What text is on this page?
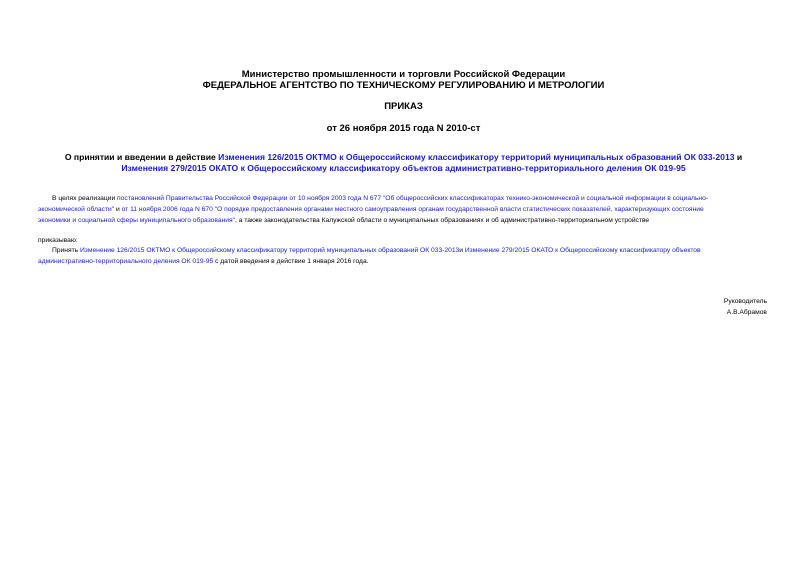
Министерство промышленности и торговли Российской Федерации
ФЕДЕРАЛЬНОЕ АГЕНТСТВО ПО ТЕХНИЧЕСКОМУ РЕГУЛИРОВАНИЮ И МЕТРОЛОГИИ
ПРИКАЗ
от 26 ноября 2015 года N 2010-ст
О принятии и введении в действие Изменения 126/2015 ОКТМО к Общероссийскому классификатору территорий муниципальных образований ОК 033-2013 и
Изменения 279/2015 ОКАТО к Общероссийскому классификатору объектов административно-территориального деления ОК 019-95
В целях реализации постановлений Правительства Российской Федерации от 10 ноября 2003 года N 677 "Об общероссийских классификаторах технико-экономической и социальной информации в социально-
экономической области" и от 11 ноября 2006 года N 670 "О порядке предоставления органами местного самоуправления органам государственной власти статистических показателей, характеризующих состояние
экономики и социальной сферы муниципального образования", а также законодательства Калужской области о муниципальных образованиях и об административно-территориальном устройстве
приказываю:
Принять Изменение 126/2015 ОКТМО к Общероссийскому классификатору территорий муниципальных образований ОК 033-2013и Изменение 279/2015 ОКАТО к Общероссийскому классификатору объектов
административно-территориального деления ОК 019-95 с датой введения в действие 1 января 2016 года.
Руководитель
А.В.Абрамов
